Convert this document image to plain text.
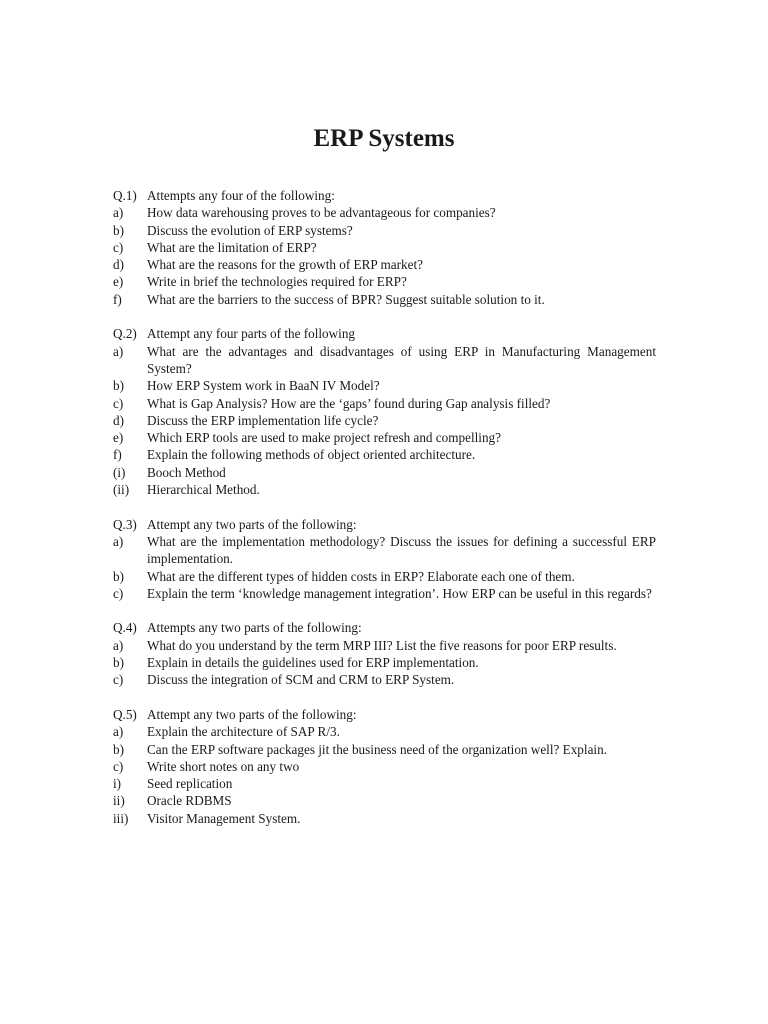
ERP Systems
Q.1) Attempts any four of the following:
a)	How data warehousing proves to be advantageous for companies?
b)	Discuss the evolution of ERP systems?
c)	What are the limitation of ERP?
d)	What are the reasons for the growth of ERP market?
e)	Write in brief the technologies required for ERP?
f)	What are the barriers to the success of BPR? Suggest suitable solution to it.
Q.2) Attempt any four parts of the following
a)	What are the advantages and disadvantages of using ERP in Manufacturing Management System?
b)	How ERP System work in BaaN IV Model?
c)	What is Gap Analysis? How are the ‘gaps’ found during Gap analysis filled?
d)	Discuss the ERP implementation life cycle?
e)	Which ERP tools are used to make project refresh and compelling?
f)	Explain the following methods of object oriented architecture.
(i)	Booch Method
(ii)	Hierarchical Method.
Q.3) Attempt any two parts of the following:
a)	What are the implementation methodology? Discuss the issues for defining a successful ERP implementation.
b)	What are the different types of hidden costs in ERP? Elaborate each one of them.
c)	Explain the term ‘knowledge management integration’. How ERP can be useful in this regards?
Q.4) Attempts any two parts of the following:
a)	What do you understand by the term MRP III? List the five reasons for poor ERP results.
b)	Explain in details the guidelines used for ERP implementation.
c)	Discuss the integration of SCM and CRM to ERP System.
Q.5) Attempt any two parts of the following:
a)	Explain the architecture of SAP R/3.
b)	Can the ERP software packages jit the business need of the organization well? Explain.
c)	Write short notes on any two
i)	Seed replication
ii)	Oracle RDBMS
iii)	Visitor Management System.
